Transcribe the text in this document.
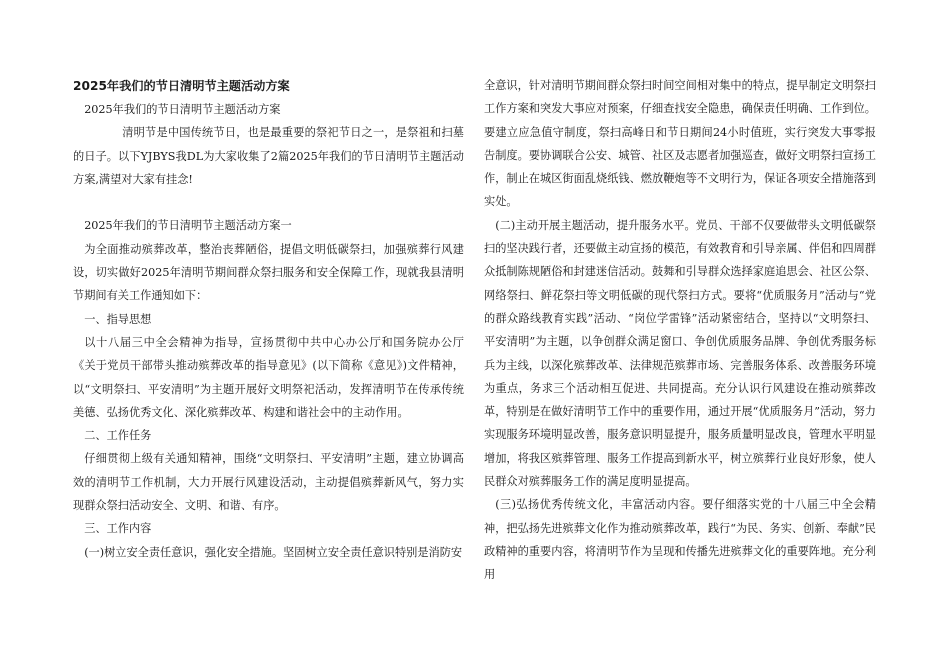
2025年我们的节日清明节主题活动方案

2025年我们的节日清明节主题活动方案

清明节是中国传统节日，也是最重要的祭祀节日之一，是祭祖和扫墓的日子。以下YJBYS我DL为大家收集了2篇2025年我们的节日清明节主题活动方案,满望对大家有挂念!

2025年我们的节日清明节主题活动方案一

为全面推动殡葬改革，整治丧葬陋俗，提倡文明低碳祭扫，加强殡葬行风建设，切实做好2025年清明节期间群众祭扫服务和安全保障工作，现就我县清明节期间有关工作通知如下：

一、指导思想

以十八届三中全会精神为指导，宣扬贯彻中共中心办公厅和国务院办公厅《关于党员干部带头推动殡葬改革的指导意见》(以下简称《意见》)文件精神，以“文明祭扫、平安清明”为主题开展好文明祭祀活动，发挥清明节在传承传统美德、弘扬优秀文化、深化殡葬改革、构建和谐社会中的主动作用。

二、工作任务

仔细贯彻上级有关通知精神，围绕“文明祭扫、平安清明”主题，建立协调高效的清明节工作机制，大力开展行风建设活动，主动提倡殡葬新风气，努力实现群众祭扫活动安全、文明、和谐、有序。

三、工作内容

(一)树立安全责任意识，强化安全措施。坚固树立安全责任意识特别是消防安

全意识，针对清明节期间群众祭扫时间空间相对集中的特点，提早制定文明祭扫工作方案和突发大事应对预案，仔细查找安全隐患，确保责任明确、工作到位。要建立应急值守制度，祭扫高峰日和节日期间24小时值班，实行突发大事零报告制度。要协调联合公安、城管、社区及志愿者加强巡查，做好文明祭扫宣扬工作，制止在城区街面乱烧纸钱、燃放鞭炮等不文明行为，保证各项安全措施落到实处。

(二)主动开展主题活动，提升服务水平。党员、干部不仅要做带头文明低碳祭扫的坚决践行者，还要做主动宣扬的模范，有效教育和引导亲属、伴侣和四周群众抵制陈规陋俗和封建迷信活动。鼓舞和引导群众选择家庭追思会、社区公祭、网络祭扫、鲜花祭扫等文明低碳的现代祭扫方式。要将“优质服务月”活动与“党的群众路线教育实践”活动、“岗位学雷锋”活动紧密结合，坚持以“文明祭扫、平安清明”为主题，以争创群众满足窗口、争创优质服务品牌、争创优秀服务标兵为主线，以深化殡葬改革、法律规范殡葬市场、完善服务体系、改善服务环境为重点，务求三个活动相互促进、共同提高。充分认识行风建设在推动殡葬改革，特别是在做好清明节工作中的重要作用，通过开展“优质服务月”活动，努力实现服务环境明显改善，服务意识明显提升，服务质量明显改良，管理水平明显增加，将我区殡葬管理、服务工作提高到新水平，树立殡葬行业良好形象，使人民群众对殡葬服务工作的满足度明显提高。

(三)弘扬优秀传统文化，丰富活动内容。要仔细落实党的十八届三中全会精神，把弘扬先进殡葬文化作为推动殡葬改革，践行“为民、务实、创新、奉献”民政精神的重要内容，将清明节作为呈现和传播先进殡葬文化的重要阵地。充分利用
